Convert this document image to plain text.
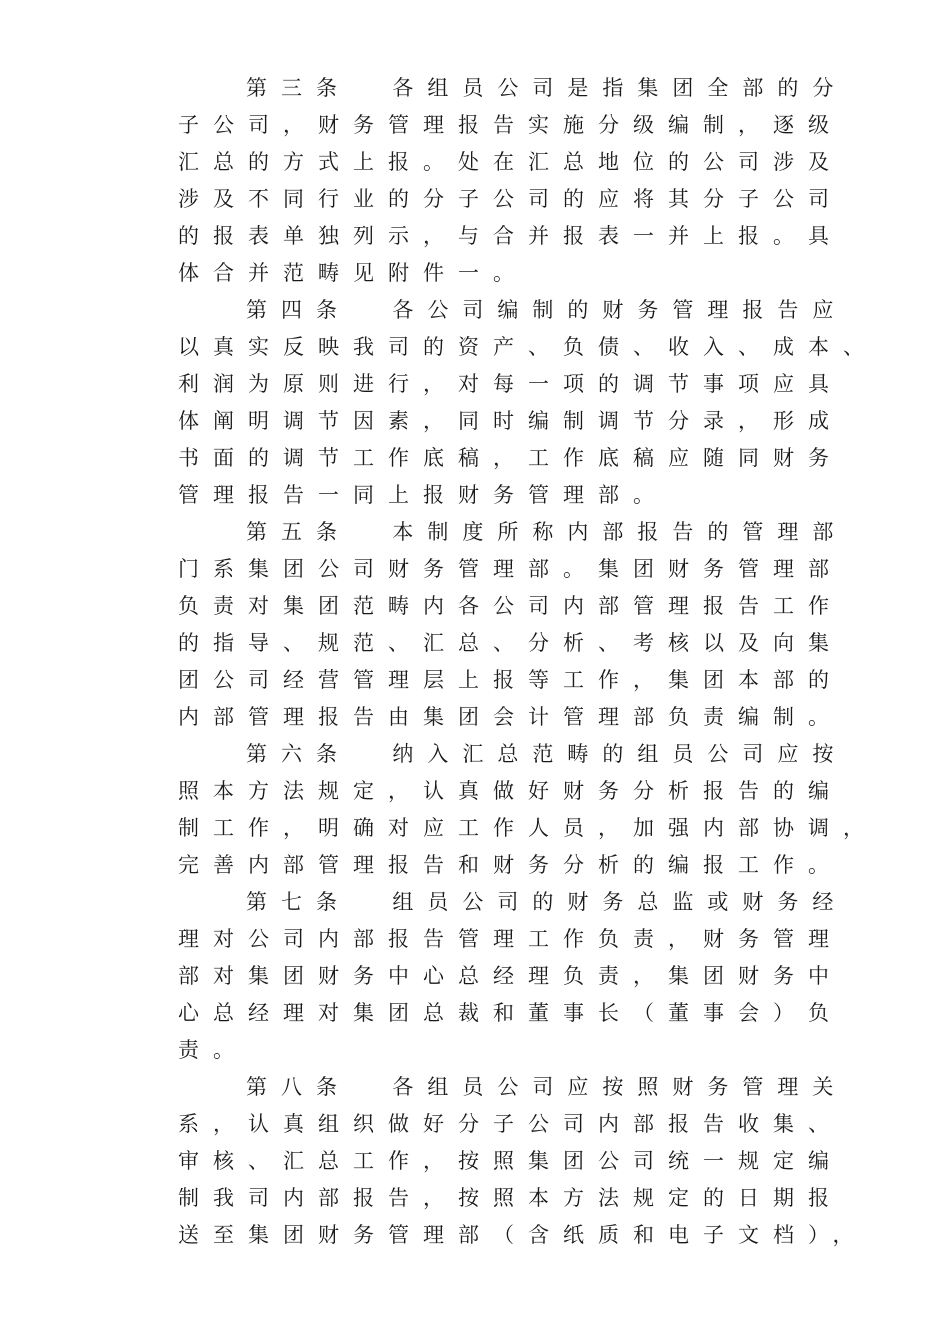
第三条  各组员公司是指集团全部的分
子公司，财务管理报告实施分级编制，逐级
汇总的方式上报。处在汇总地位的公司涉及
涉及不同行业的分子公司的应将其分子公司
的报表单独列示，与合并报表一并上报。具
体合并范畴见附件一。
第四条  各公司编制的财务管理报告应
以真实反映我司的资产、负债、收入、成本、
利润为原则进行，对每一项的调节事项应具
体阐明调节因素，同时编制调节分录，形成
书面的调节工作底稿，工作底稿应随同财务
管理报告一同上报财务管理部。
第五条  本制度所称内部报告的管理部
门系集团公司财务管理部。集团财务管理部
负责对集团范畴内各公司内部管理报告工作
的指导、规范、汇总、分析、考核以及向集
团公司经营管理层上报等工作，集团本部的
内部管理报告由集团会计管理部负责编制。
第六条  纳入汇总范畴的组员公司应按
照本方法规定，认真做好财务分析报告的编
制工作，明确对应工作人员，加强内部协调，
完善内部管理报告和财务分析的编报工作。
第七条  组员公司的财务总监或财务经
理对公司内部报告管理工作负责，财务管理
部对集团财务中心总经理负责，集团财务中
心总经理对集团总裁和董事长（董事会）负
责。
第八条  各组员公司应按照财务管理关
系，认真组织做好分子公司内部报告收集、
审核、汇总工作，按照集团公司统一规定编
制我司内部报告，按照本方法规定的日期报
送至集团财务管理部（含纸质和电子文档），
